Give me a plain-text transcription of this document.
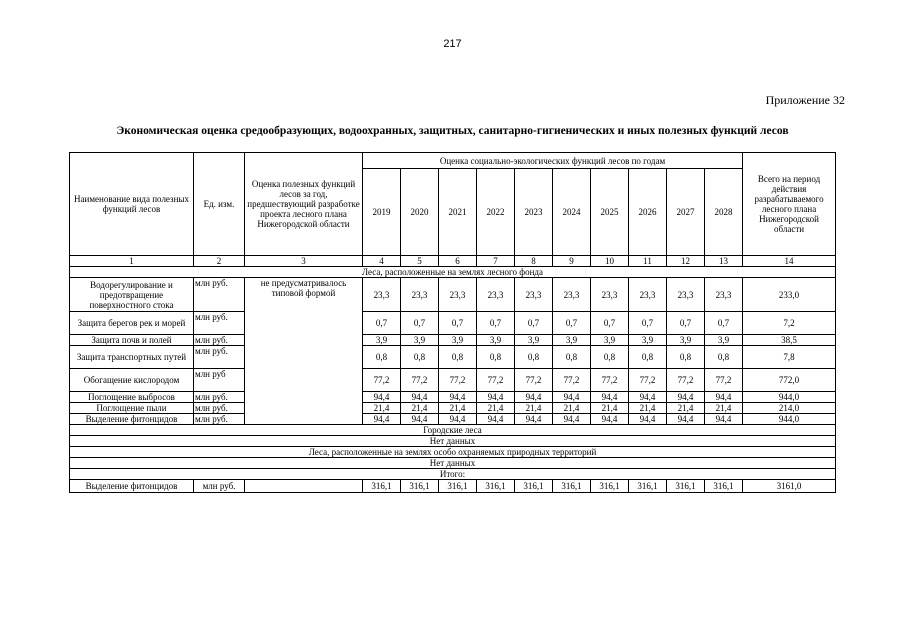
217
Приложение 32
Экономическая оценка средообразующих, водоохранных, защитных, санитарно-гигиенических и иных полезных функций лесов
Наименование вида полезных функций лесов	Ед. изм.	Оценка полезных функций лесов за год, предшествующий разработке проекта лесного плана Нижегородской области	Оценка социально-экологических функций лесов по годам										Всего на период действия разрабатываемого лесного плана Нижегородской области
			2019	2020	2021	2022	2023	2024	2025	2026	2027	2028	
1	2	3	4	5	6	7	8	9	10	11	12	13	14
Леса, расположенные на землях лесного фонда													
Водорегулирование и предотвращение поверхностного стока	млн руб.	не предусматривалось типовой формой	23,3	23,3	23,3	23,3	23,3	23,3	23,3	23,3	23,3	23,3	233,0
Защита берегов рек и морей	млн руб.		0,7	0,7	0,7	0,7	0,7	0,7	0,7	0,7	0,7	0,7	7,2
Защита почв и полей	млн руб.		3,9	3,9	3,9	3,9	3,9	3,9	3,9	3,9	3,9	3,9	38,5
Защита транспортных путей	млн руб.		0,8	0,8	0,8	0,8	0,8	0,8	0,8	0,8	0,8	0,8	7,8
Обогащение кислородом	млн руб		77,2	77,2	77,2	77,2	77,2	77,2	77,2	77,2	77,2	77,2	772,0
Поглощение выбросов	млн руб.		94,4	94,4	94,4	94,4	94,4	94,4	94,4	94,4	94,4	94,4	944,0
Поглощение пыли	млн руб.		21,4	21,4	21,4	21,4	21,4	21,4	21,4	21,4	21,4	21,4	214,0
Выделение фитонцидов	млн руб.		94,4	94,4	94,4	94,4	94,4	94,4	94,4	94,4	94,4	94,4	944,0
Городские леса													
Нет данных													
Леса, расположенные на землях особо охраняемых природных территорий													
Нет данных													
Итого:													
Выделение фитонцидов	млн руб.		316,1	316,1	316,1	316,1	316,1	316,1	316,1	316,1	316,1	316,1	3161,0
